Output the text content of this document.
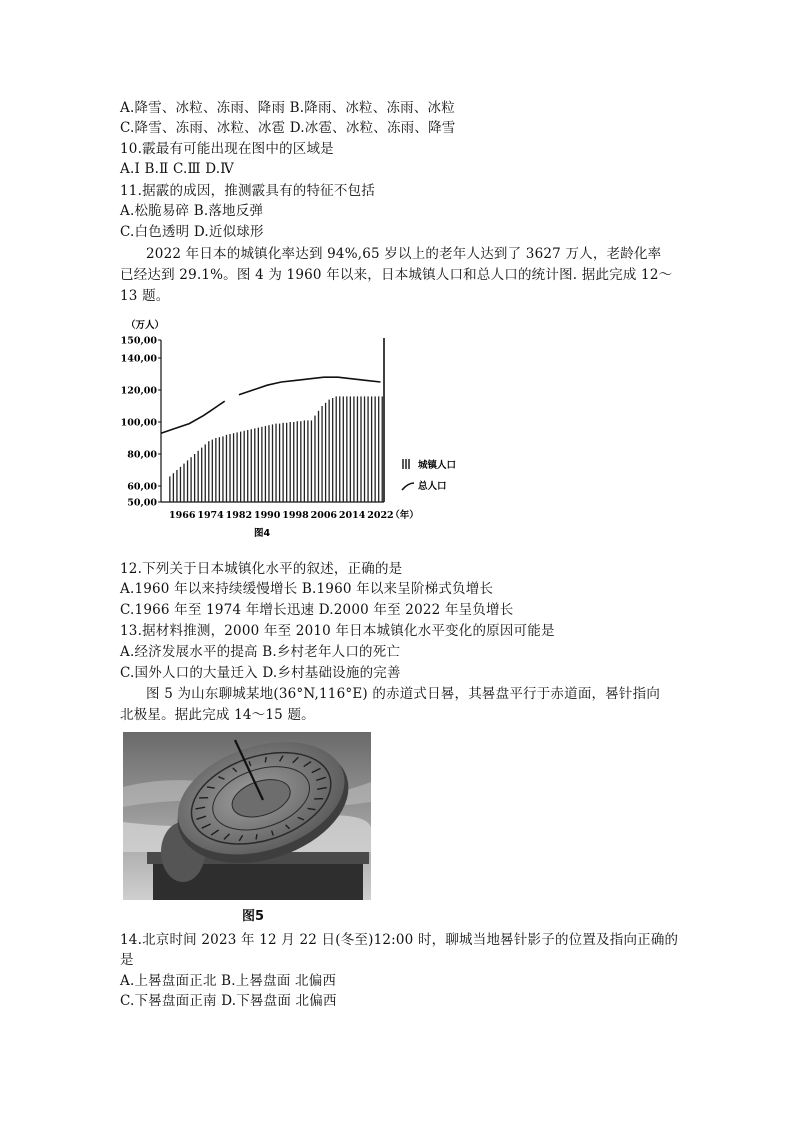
A.降雪、冰粒、冻雨、降雨 B.降雨、冰粒、冻雨、冰粒
C.降雪、冻雨、冰粒、冰雹 D.冰雹、冰粒、冻雨、降雪
10.霰最有可能出现在图中的区域是
A.Ⅰ B.Ⅱ C.Ⅲ D.Ⅳ
11.据霰的成因，推测霰具有的特征不包括
A.松脆易碎 B.落地反弹
C.白色透明 D.近似球形
2022 年日本的城镇化率达到 94%,65 岁以上的老年人达到了 3627 万人，老龄化率
已经达到 29.1%。图 4 为 1960 年以来，日本城镇人口和总人口的统计图. 据此完成 12～
13 题。
12.下列关于日本城镇化水平的叙述，正确的是
A.1960 年以来持续缓慢增长 B.1960 年以来呈阶梯式负增长
C.1966 年至 1974 年增长迅速 D.2000 年至 2022 年呈负增长
13.据材料推测，2000 年至 2010 年日本城镇化水平变化的原因可能是
A.经济发展水平的提高 B.乡村老年人口的死亡
C.国外人口的大量迁入 D.乡村基础设施的完善
图 5 为山东聊城某地(36°N,116°E) 的赤道式日晷，其晷盘平行于赤道面，晷针指向
北极星。据此完成 14～15 题。
14.北京时间 2023 年 12 月 22 日(冬至)12:00 时，聊城当地晷针影子的位置及指向正确的
是
A.上晷盘面正北 B.上晷盘面 北偏西
C.下晷盘面正南 D.下晷盘面 北偏西
150,00
140,00
120,00
100,00
80,00
60,00
50,00
（万人）
1966 1974 1982 1990 1998 2006 2014 2022
（年）
图4
城镇人口
总人口
图5
